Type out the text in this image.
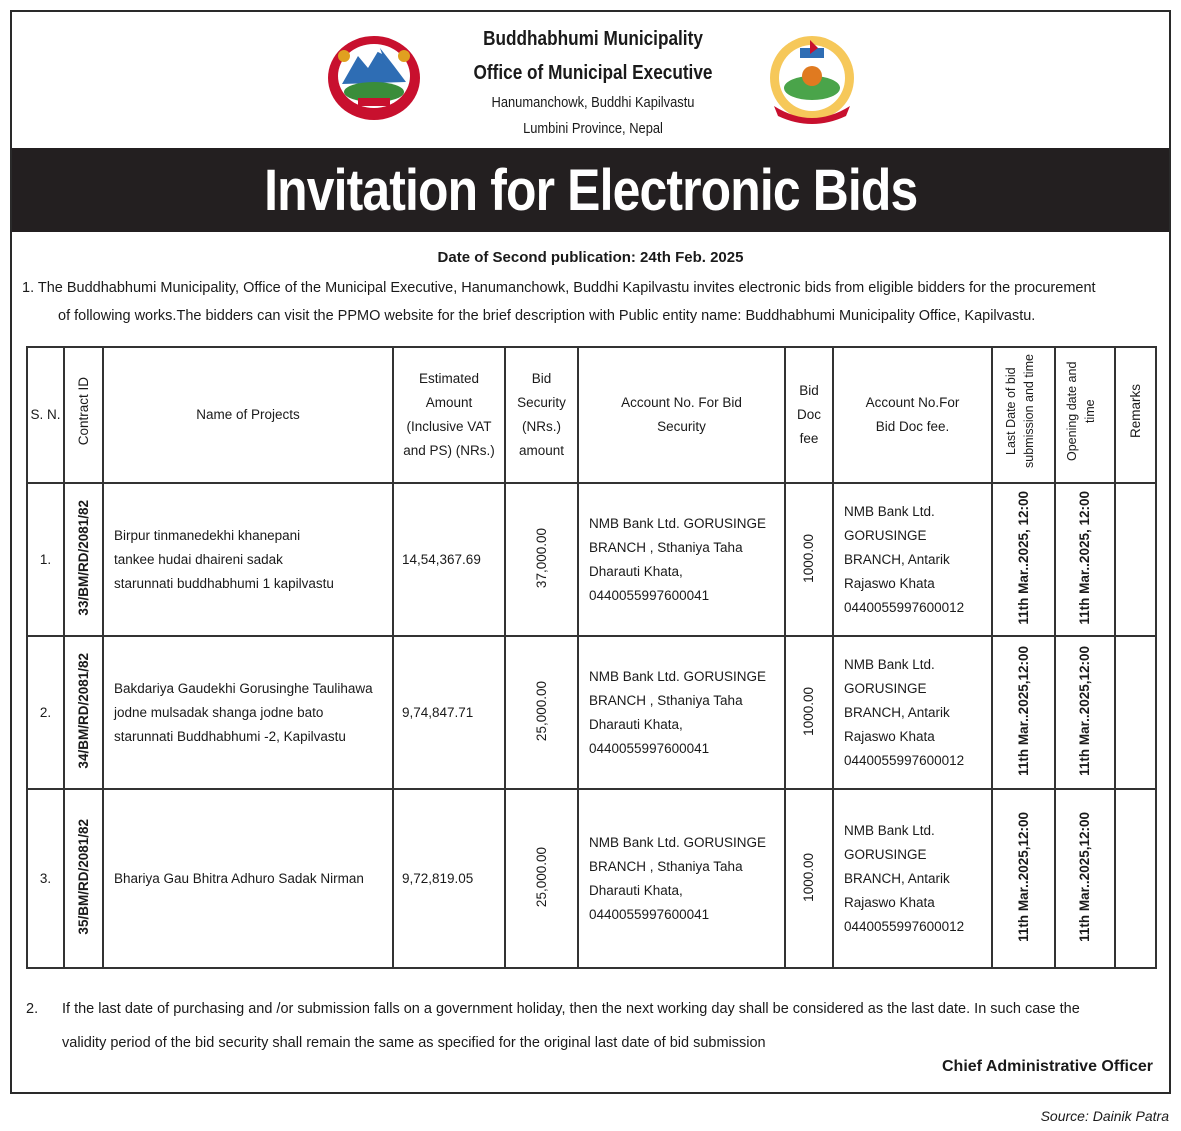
Buddhabhumi Municipality
Office of Municipal Executive
Hanumanchowk, Buddhi Kapilvastu
Lumbini Province, Nepal
Invitation for Electronic Bids
Date of Second publication: 24th Feb. 2025
1. The Buddhabhumi Municipality, Office of the Municipal Executive, Hanumanchowk, Buddhi Kapilvastu invites electronic bids from eligible bidders for the procurement
of following works.The bidders can visit the PPMO website for the brief description with Public entity name: Buddhabhumi Municipality Office, Kapilvastu.
S. N.	Contract ID	Name of Projects	Estimated Amount (Inclusive VAT and PS) (NRs.)	Bid Security (NRs.) amount	Account No. For Bid Security	Bid Doc fee	Account No.For Bid Doc fee.	Last Date of bid submission and time	Opening date and time	Remarks
1.	33/BM/RD/2081/82	Birpur tinmanedekhi khanepani tankee hudai dhaireni sadak starunnati buddhabhumi 1 kapilvastu	14,54,367.69	37,000.00	NMB Bank Ltd. GORUSINGE BRANCH , Sthaniya Taha Dharauti Khata, 0440055997600041	1000.00	NMB Bank Ltd. GORUSINGE BRANCH, Antarik Rajaswo Khata 0440055997600012	11th Mar..2025, 12:00	11th Mar..2025, 12:00	
2.	34/BM/RD/2081/82	Bakdariya Gaudekhi Gorusinghe Taulihawa jodne mulsadak shanga jodne bato starunnati Buddhabhumi -2, Kapilvastu	9,74,847.71	25,000.00	NMB Bank Ltd. GORUSINGE BRANCH , Sthaniya Taha Dharauti Khata, 0440055997600041	1000.00	NMB Bank Ltd. GORUSINGE BRANCH, Antarik Rajaswo Khata 0440055997600012	11th Mar..2025,12:00	11th Mar..2025,12:00	
3.	35/BM/RD/2081/82	Bhariya Gau Bhitra Adhuro Sadak Nirman	9,72,819.05	25,000.00	NMB Bank Ltd. GORUSINGE BRANCH , Sthaniya Taha Dharauti Khata, 0440055997600041	1000.00	NMB Bank Ltd. GORUSINGE BRANCH, Antarik Rajaswo Khata 0440055997600012	11th Mar..2025,12:00	11th Mar..2025,12:00	
2.	If the last date of purchasing and /or submission falls on a government holiday, then the next working day shall be considered as the last date. In such case the
validity period of the bid security shall remain the same as specified for the original last date of bid submission
Chief Administrative Officer
Source: Dainik Patra
